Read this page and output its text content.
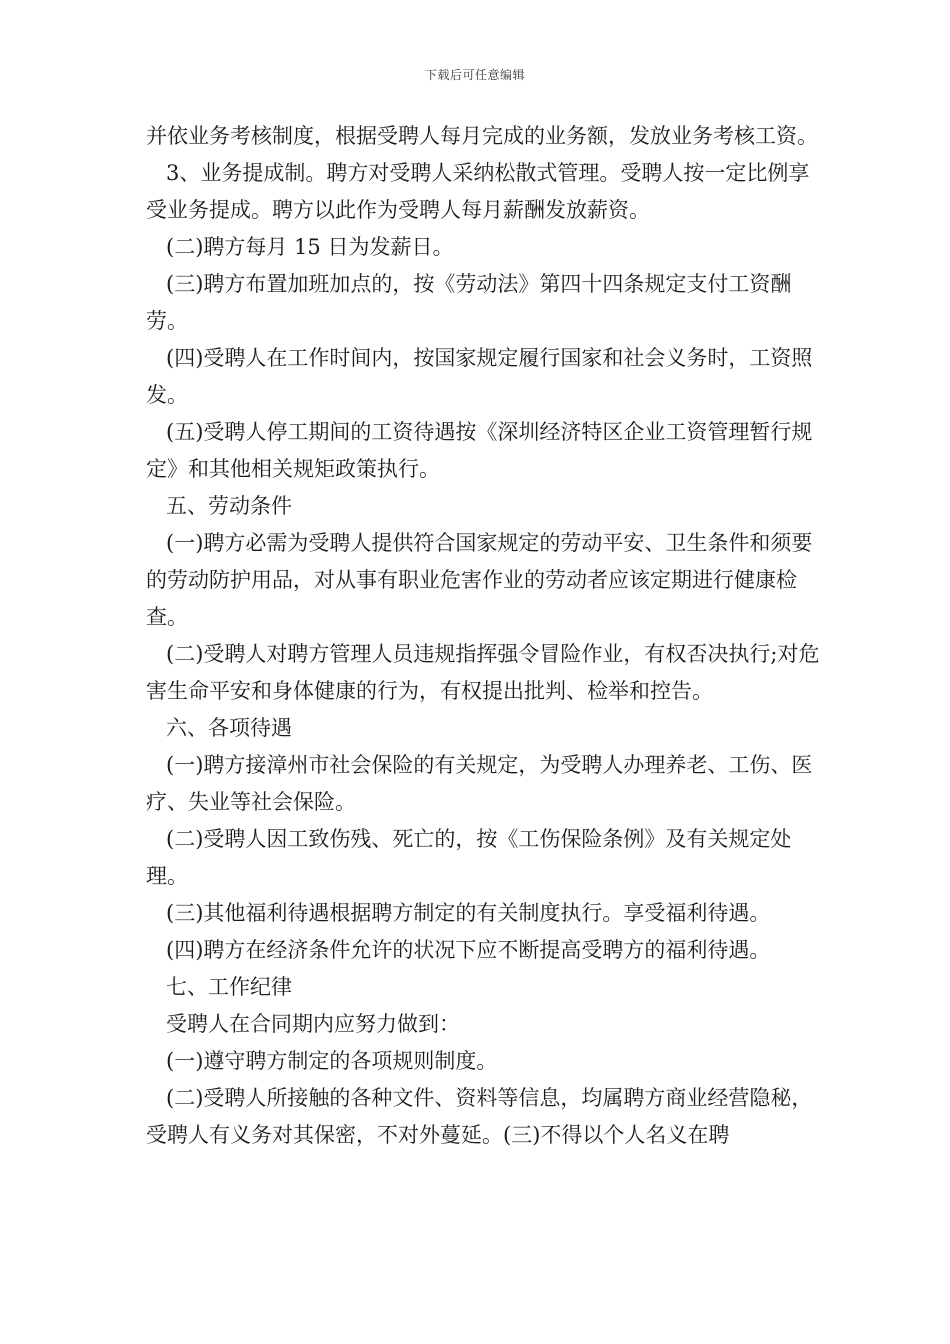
下载后可任意编辑

并依业务考核制度，根据受聘人每月完成的业务额，发放业务考核工资。

3、业务提成制。聘方对受聘人采纳松散式管理。受聘人按一定比例享受业务提成。聘方以此作为受聘人每月薪酬发放薪资。

(二)聘方每月 15 日为发薪日。

(三)聘方布置加班加点的，按《劳动法》第四十四条规定支付工资酬劳。

(四)受聘人在工作时间内，按国家规定履行国家和社会义务时，工资照发。

(五)受聘人停工期间的工资待遇按《深圳经济特区企业工资管理暂行规定》和其他相关规矩政策执行。

五、劳动条件

(一)聘方必需为受聘人提供符合国家规定的劳动平安、卫生条件和须要的劳动防护用品，对从事有职业危害作业的劳动者应该定期进行健康检查。

(二)受聘人对聘方管理人员违规指挥强令冒险作业，有权否决执行;对危害生命平安和身体健康的行为，有权提出批判、检举和控告。

六、各项待遇

(一)聘方接漳州市社会保险的有关规定，为受聘人办理养老、工伤、医疗、失业等社会保险。

(二)受聘人因工致伤残、死亡的，按《工伤保险条例》及有关规定处理。

(三)其他福利待遇根据聘方制定的有关制度执行。享受福利待遇。

(四)聘方在经济条件允许的状况下应不断提高受聘方的福利待遇。

七、工作纪律

受聘人在合同期内应努力做到：

(一)遵守聘方制定的各项规则制度。

(二)受聘人所接触的各种文件、资料等信息，均属聘方商业经营隐秘，受聘人有义务对其保密，不对外蔓延。(三)不得以个人名义在聘
